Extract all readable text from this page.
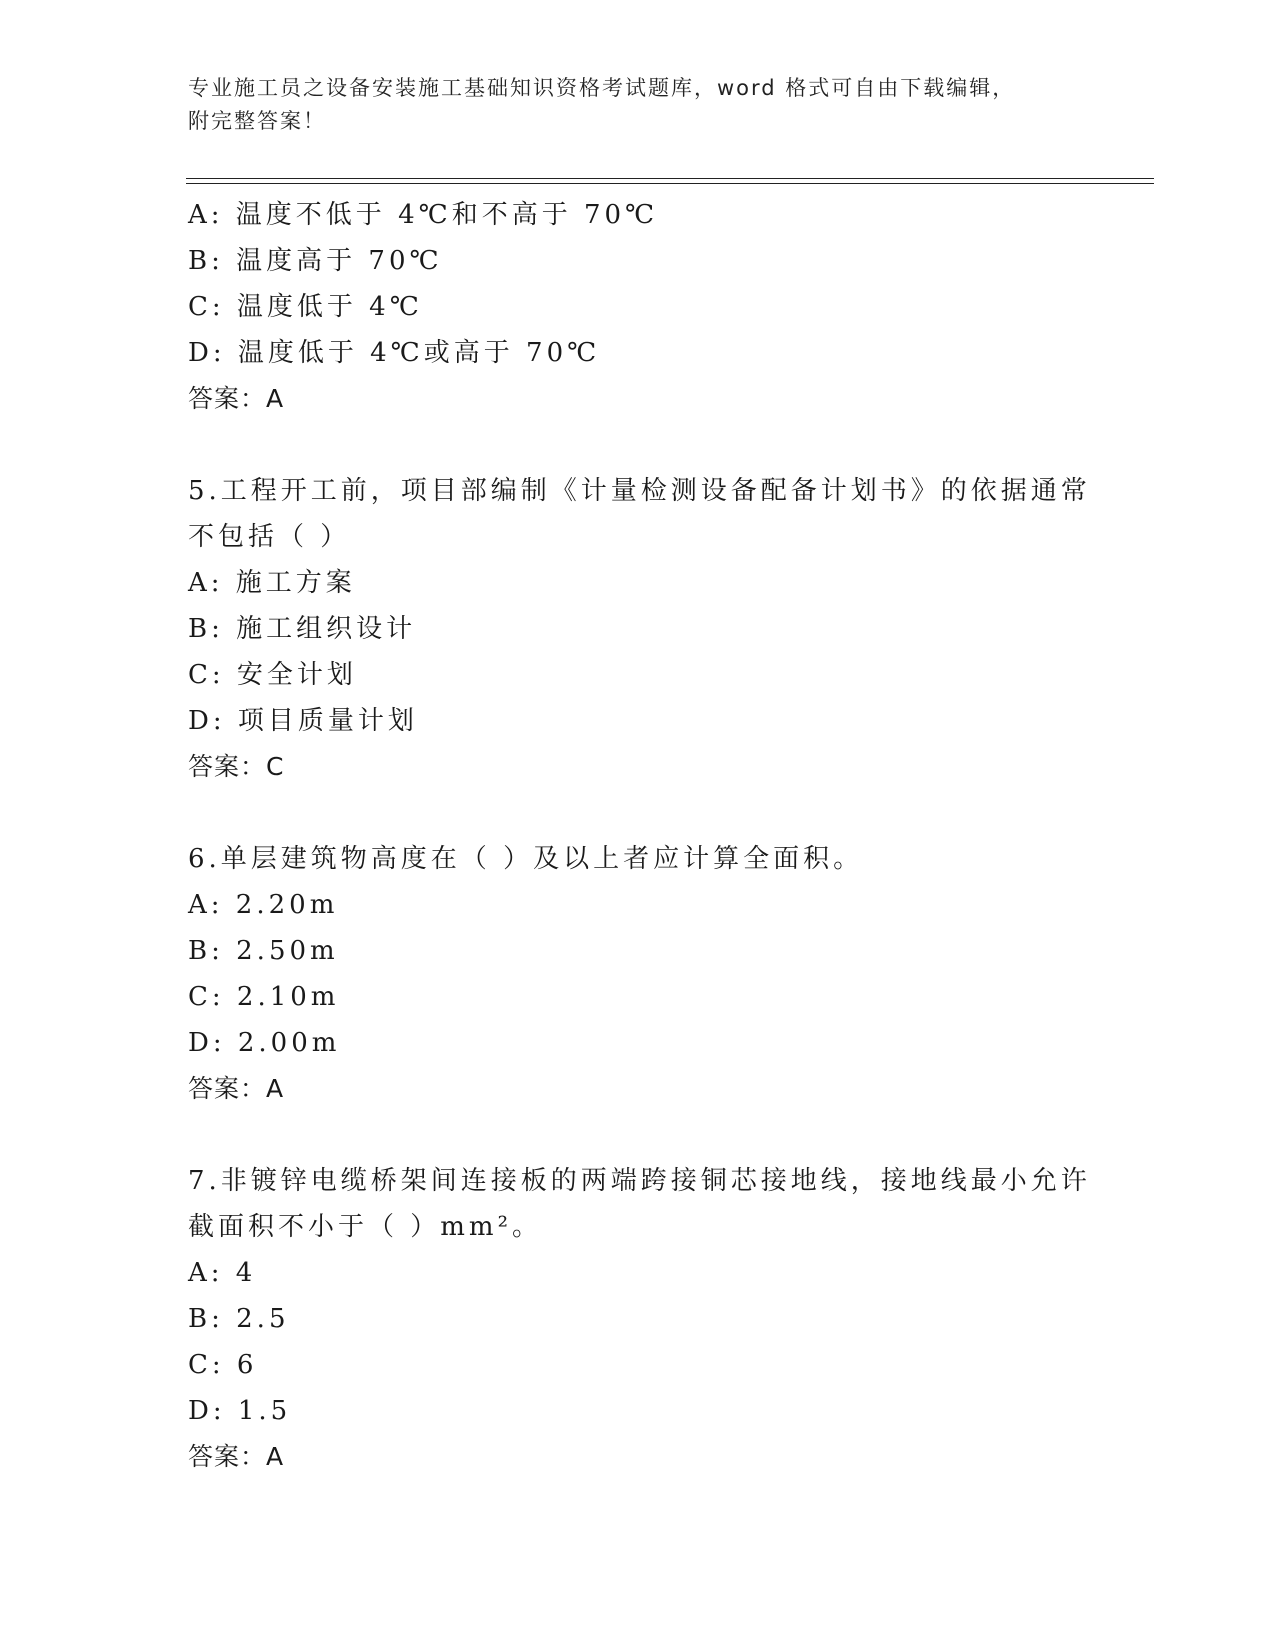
专业施工员之设备安装施工基础知识资格考试题库，word 格式可自由下载编辑，
附完整答案！
A: 温度不低于 4℃和不高于 70℃
B: 温度高于 70℃
C: 温度低于 4℃
D: 温度低于 4℃或高于 70℃
答案：A
5.工程开工前，项目部编制《计量检测设备配备计划书》的依据通常
不包括（ ）
A: 施工方案
B: 施工组织设计
C: 安全计划
D: 项目质量计划
答案：C
6.单层建筑物高度在（ ）及以上者应计算全面积。
A: 2.20m
B: 2.50m
C: 2.10m
D: 2.00m
答案：A
7.非镀锌电缆桥架间连接板的两端跨接铜芯接地线，接地线最小允许
截面积不小于（ ）mm²。
A: 4
B: 2.5
C: 6
D: 1.5
答案：A
